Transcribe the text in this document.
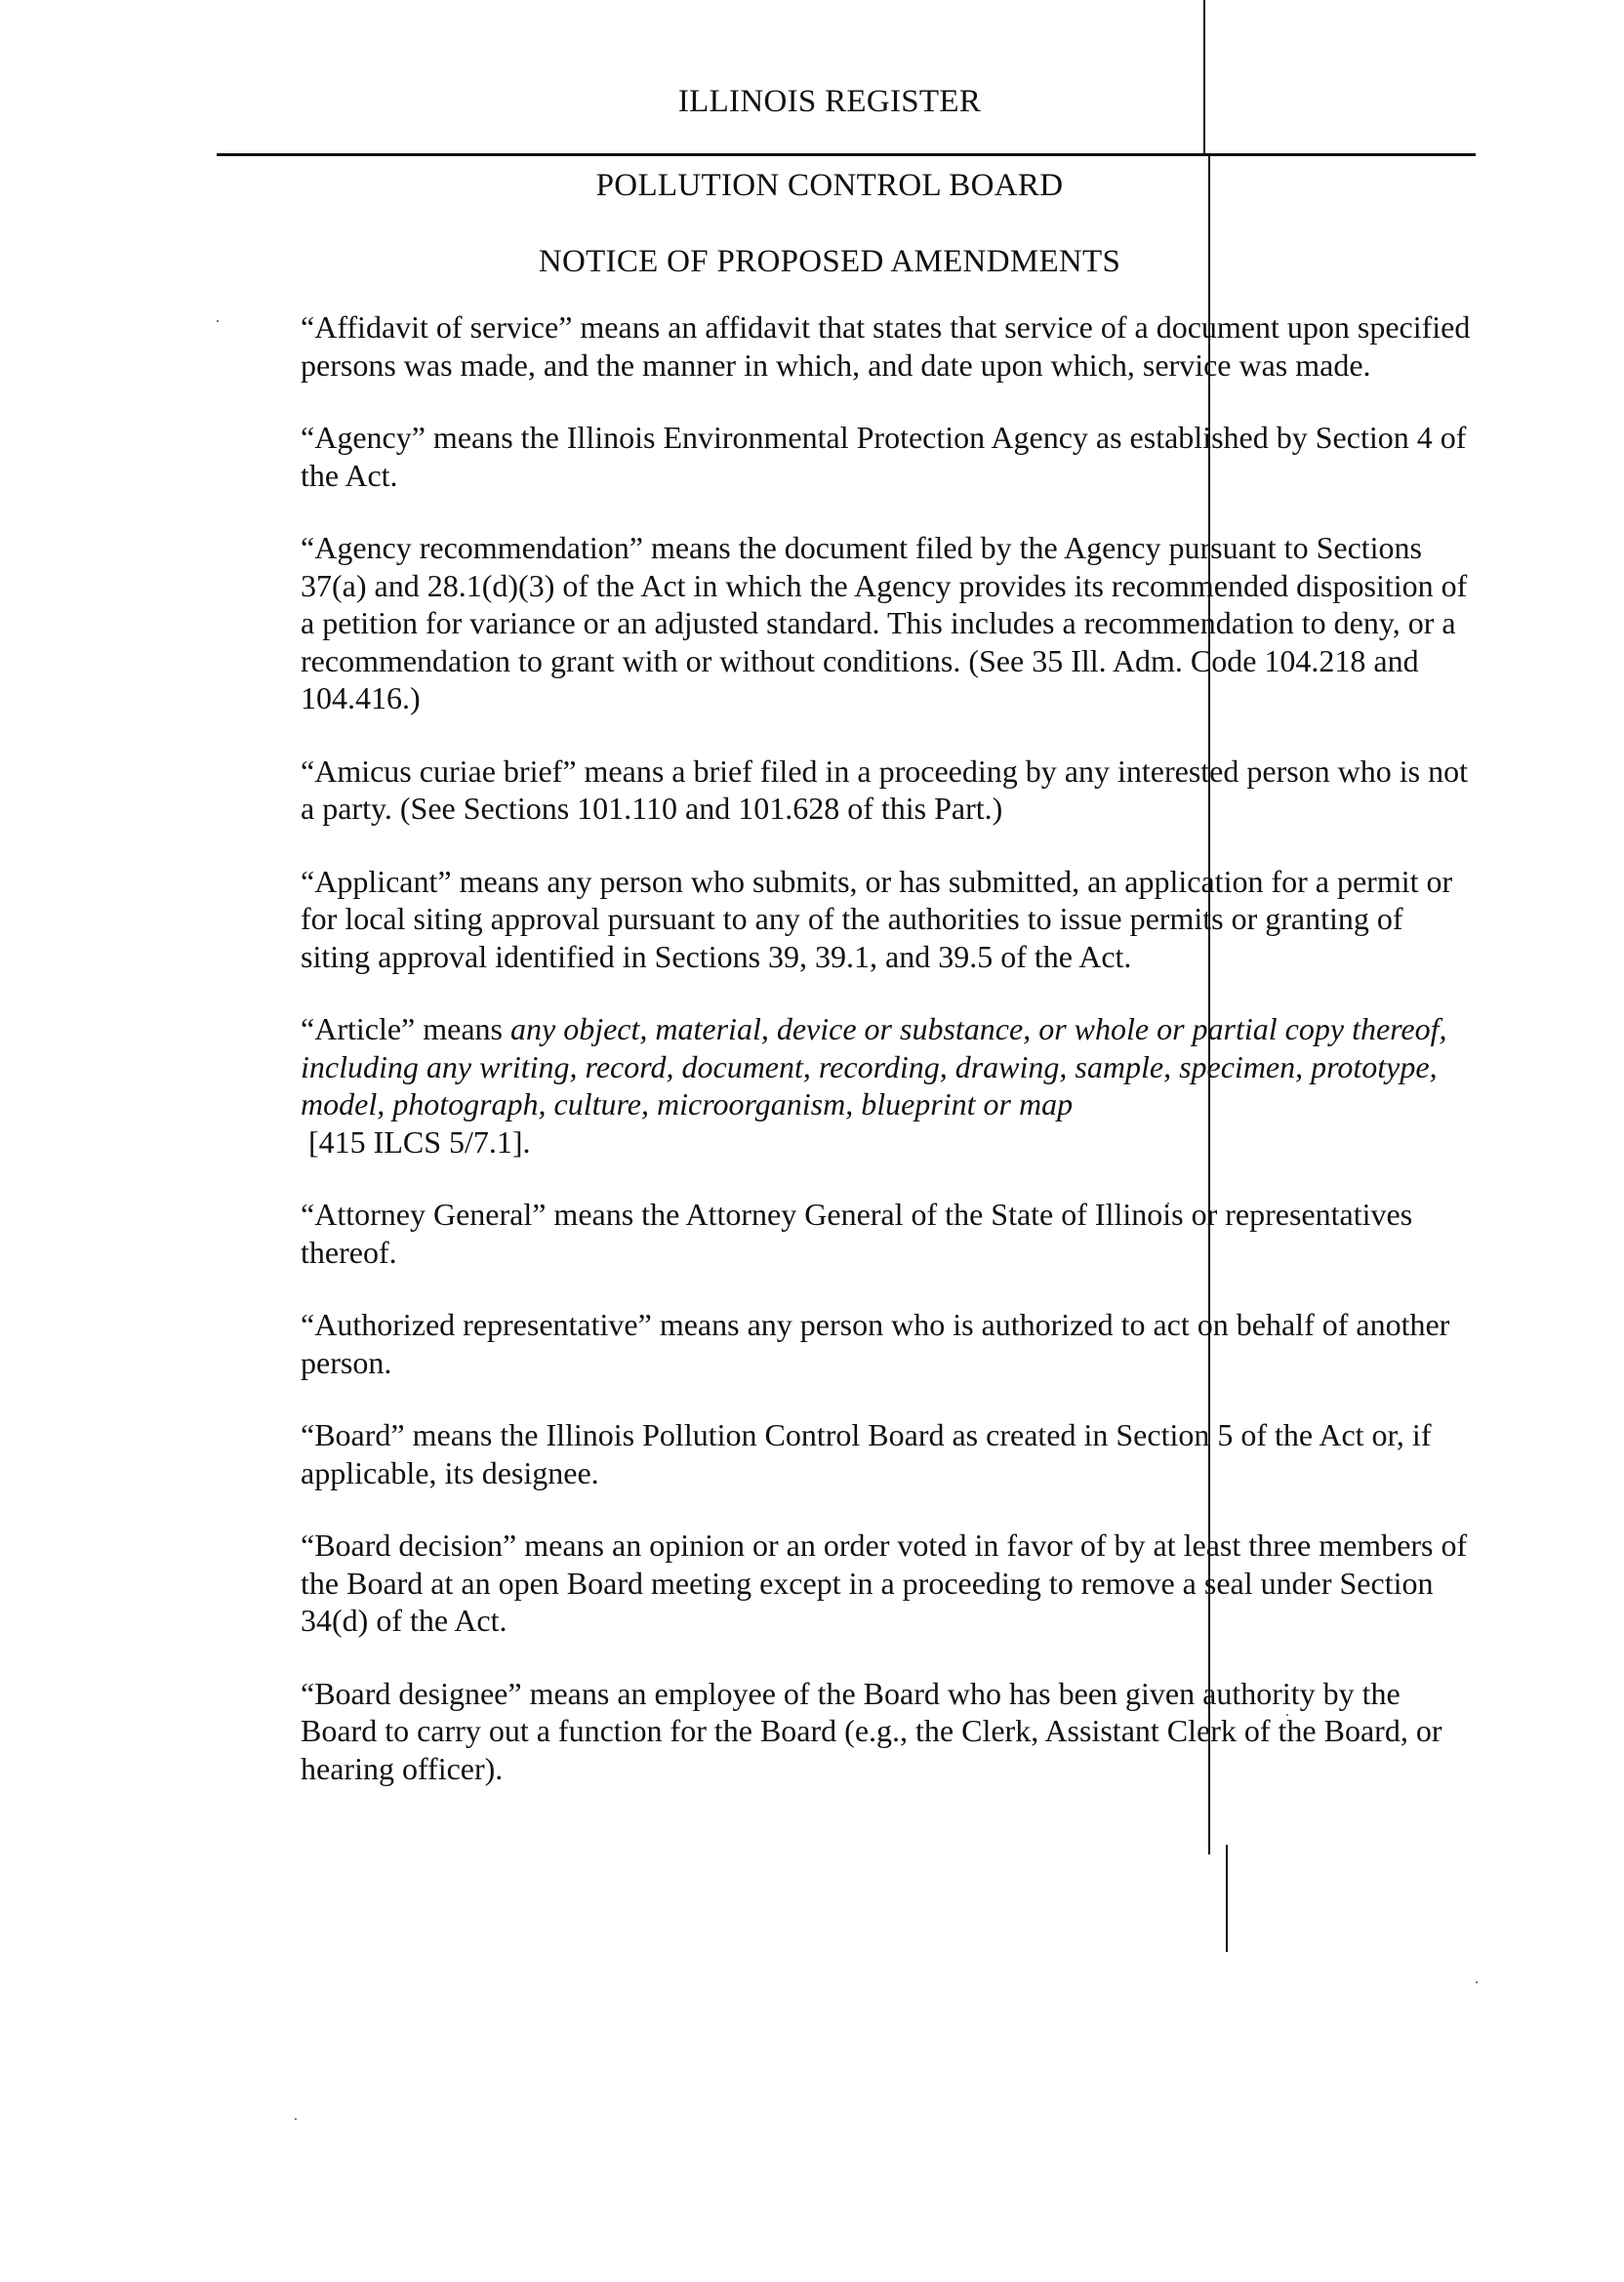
ILLINOIS REGISTER
POLLUTION CONTROL BOARD
NOTICE OF PROPOSED AMENDMENTS

“Affidavit of service” means an affidavit that states that service of a document upon specified persons was made, and the manner in which, and date upon which, service was made.

“Agency” means the Illinois Environmental Protection Agency as established by Section 4 of the Act.

“Agency recommendation” means the document filed by the Agency pursuant to Sections 37(a) and 28.1(d)(3) of the Act in which the Agency provides its recommended disposition of a petition for variance or an adjusted standard. This includes a recommendation to deny, or a recommendation to grant with or without conditions. (See 35 Ill. Adm. Code 104.218 and 104.416.)

“Amicus curiae brief” means a brief filed in a proceeding by any interested person who is not a party. (See Sections 101.110 and 101.628 of this Part.)

“Applicant” means any person who submits, or has submitted, an application for a permit or for local siting approval pursuant to any of the authorities to issue permits or granting of siting approval identified in Sections 39, 39.1, and 39.5 of the Act.

“Article” means any object, material, device or substance, or whole or partial copy thereof, including any writing, record, document, recording, drawing, sample, specimen, prototype, model, photograph, culture, microorganism, blueprint or map
[415 ILCS 5/7.1].

“Attorney General” means the Attorney General of the State of Illinois or representatives thereof.

“Authorized representative” means any person who is authorized to act on behalf of another person.

“Board” means the Illinois Pollution Control Board as created in Section 5 of the Act or, if applicable, its designee.

“Board decision” means an opinion or an order voted in favor of by at least three members of the Board at an open Board meeting except in a proceeding to remove a seal under Section 34(d) of the Act.

“Board designee” means an employee of the Board who has been given authority by the Board to carry out a function for the Board (e.g., the Clerk, Assistant Clerk of the Board, or hearing officer).
